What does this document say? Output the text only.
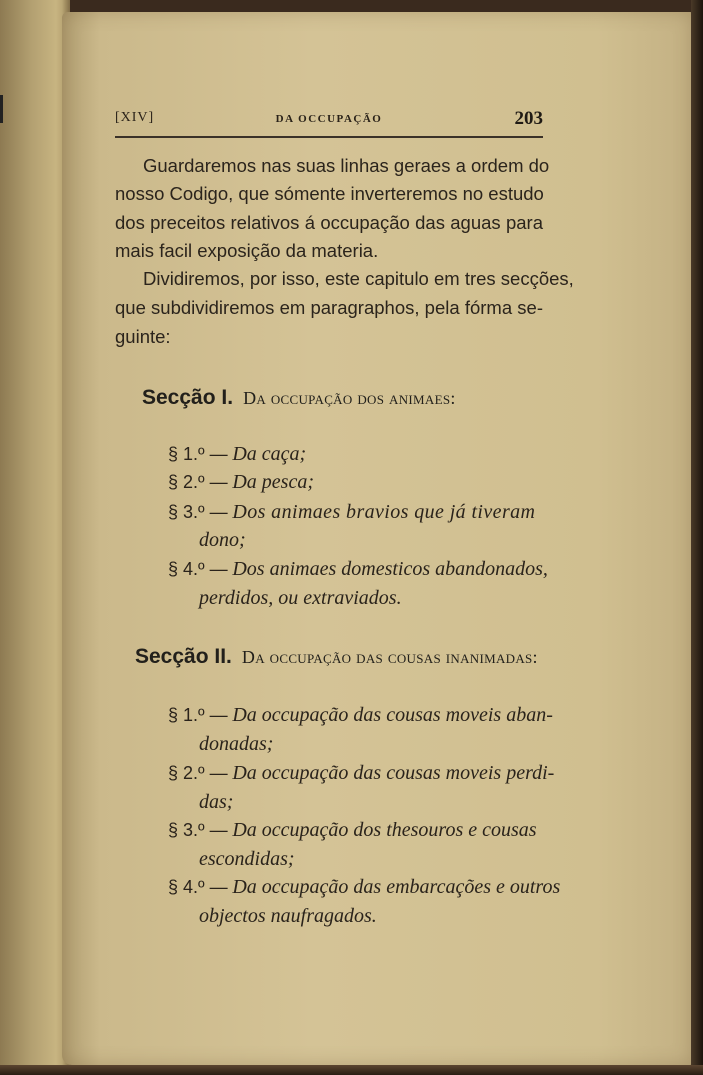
[XIV]	DA OCCUPAÇÃO	203
Guardaremos nas suas linhas geraes a ordem do
nosso Codigo, que sómente inverteremos no estudo
dos preceitos relativos á occupação das aguas para
mais facil exposição da materia.
Dividiremos, por isso, este capitulo em tres secções,
que subdividiremos em paragraphos, pela fórma se-
guinte:
Secção I. Da occupação dos animaes:
§ 1.º — Da caça;
§ 2.º — Da pesca;
§ 3.º — Dos animaes bravios que já tiveram
dono;
§ 4.º — Dos animaes domesticos abandonados,
perdidos, ou extraviados.
Secção II. Da occupação das cousas inanimadas:
§ 1.º — Da occupação das cousas moveis aban-
donadas;
§ 2.º — Da occupação das cousas moveis perdi-
das;
§ 3.º — Da occupação dos thesouros e cousas
escondidas;
§ 4.º — Da occupação das embarcações e outros
objectos naufragados.
